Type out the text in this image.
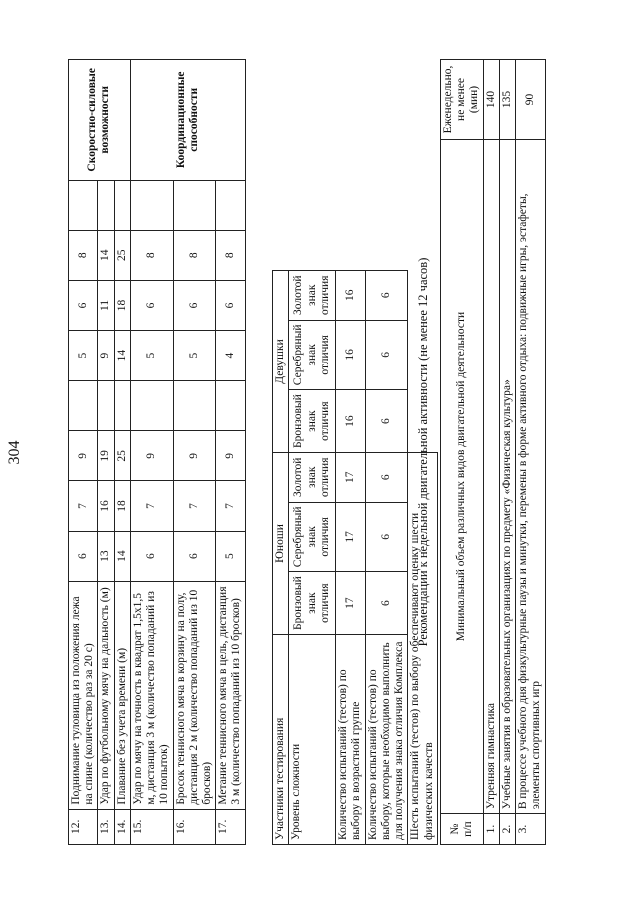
304
12.	Поднимание туловища из положения лежа на спине (количество раз за 20 с)	6	7	9		5	6	8		Скоростно-силовые возможности
13.	Удар по футбольному мячу на дальность (м)	13	16	19		9	11	14		
14.	Плавание без учета времени (м)	14	18	25		14	18	25		
15.	Удар по мячу на точность в квадрат 1,5x1,5 м, дистанция 3 м (количество попаданий из 10 попыток)	6	7	9		5	6	8		Координационные способности
16.	Бросок теннисного мяча в корзину на полу, дистанция 2 м (количество попаданий из 10 бросков)	6	7	9		5	6	8		
17.	Метание теннисного мяча в цель, дистанция 3 м (количество попаданий из 10 бросков)	5	7	9		4	6	8		
Участники тестирования	Юноши			Девушки		
Уровень сложности	Бронзовый знак отличия	Серебряный знак отличия	Золотой знак отличия	Бронзовый знак отличия	Серебряный знак отличия	Золотой знак отличия
Количество испытаний (тестов) по выбору в возрастной группе	17	17	17	16	16	16
Количество испытаний (тестов) по выбору, которые необходимо выполнить для получения знака отличия Комплекса	6	6	6	6	6	6
Шесть испытаний (тестов) по выбору обеспечивают оценку шести физических качеств						
Рекомендации к недельной двигательной активности (не менее 12 часов)
№ п/п	Минимальный объем различных видов двигательной деятельности	Еженедельно, не менее (мин)
1.	Утренняя гимнастика	140
2.	Учебные занятия в образовательных организациях по предмету «Физическая культура»	135
3.	В процессе учебного дня физкультурные паузы и минутки, перемены в форме активного отдыха: подвижные игры, эстафеты, элементы спортивных игр	90
